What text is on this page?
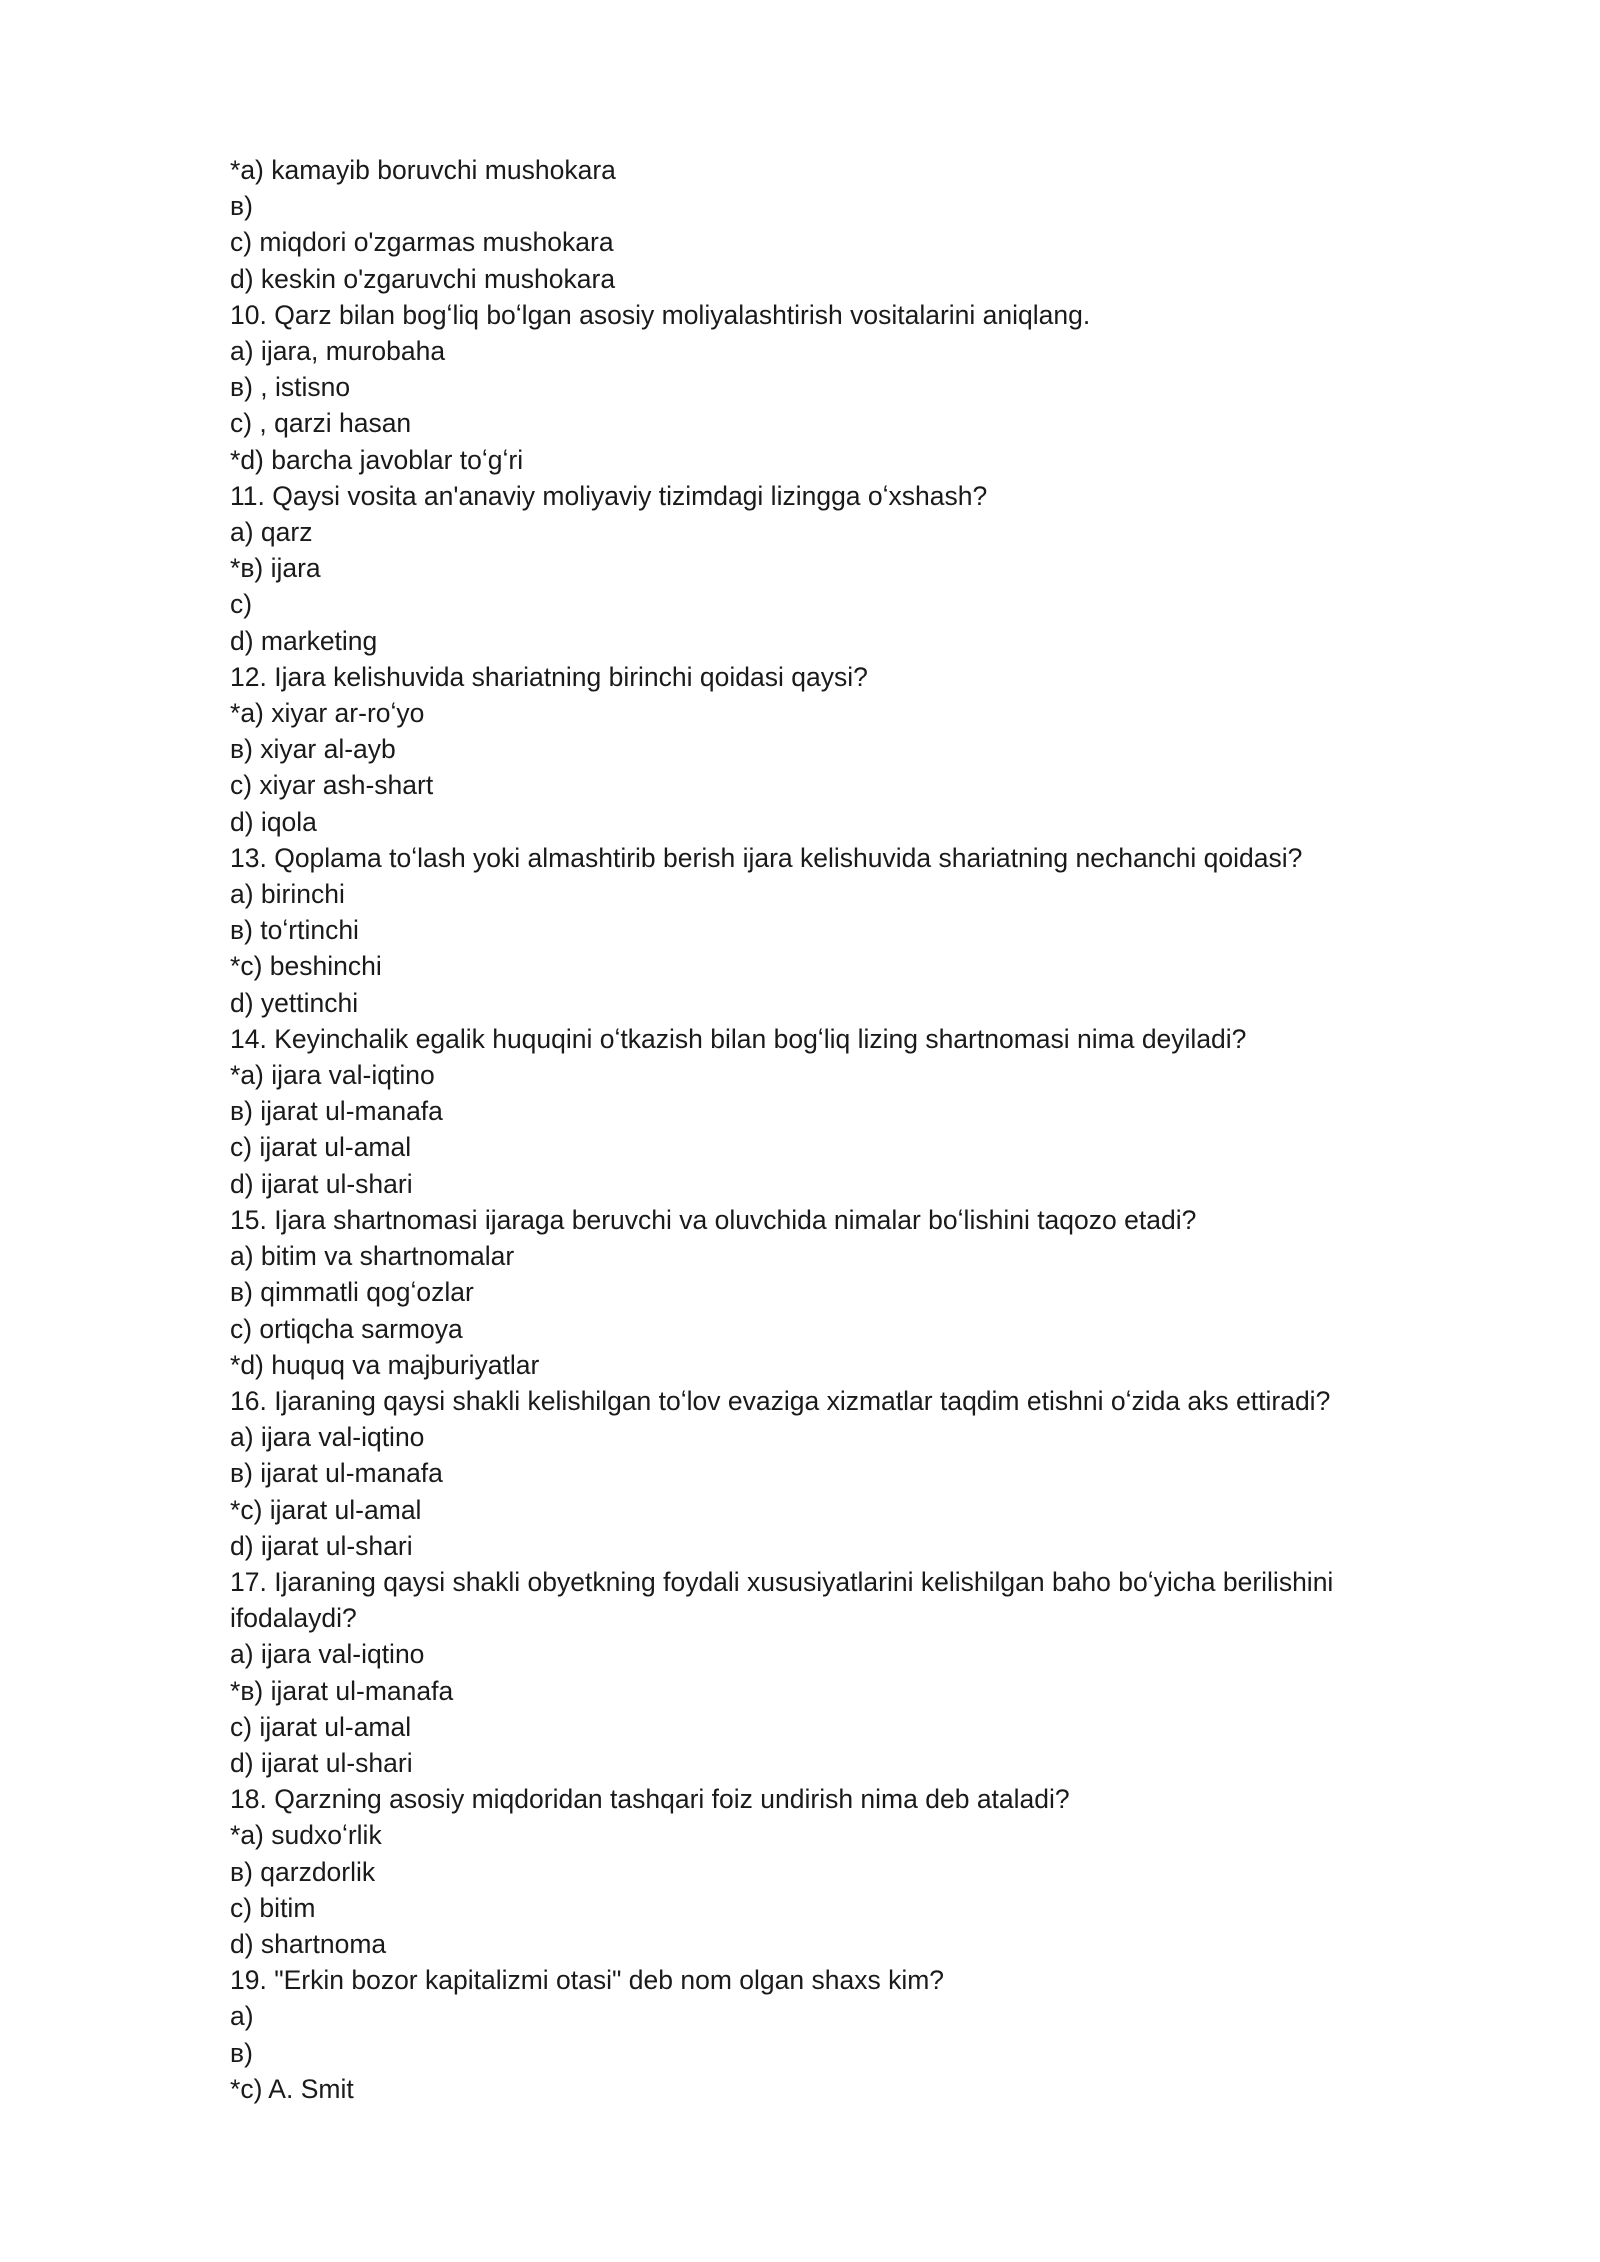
*a) kamayib boruvchi mushokara

в)

c) miqdori o'zgarmas mushokara

d) keskin o'zgaruvchi mushokara

10. Qarz bilan bogʻliq boʻlgan asosiy moliyalashtirish vositalarini aniqlang.

a) ijara, murobaha

в) , istisno

c) , qarzi hasan

*d) barcha javoblar toʻgʻri

11. Qaysi vosita an'anaviy moliyaviy tizimdagi lizingga oʻxshash?

a) qarz

*в) ijara

c)

d) marketing

12. Ijara kelishuvida shariatning birinchi qoidasi qaysi?

*a) xiyar ar-roʻyo

в) xiyar al-ayb

c) xiyar ash-shart

d) iqola

13. Qoplama toʻlash yoki almashtirib berish ijara kelishuvida shariatning nechanchi qoidasi?

a) birinchi

в) toʻrtinchi

*c) beshinchi

d) yettinchi

14. Keyinchalik egalik huquqini oʻtkazish bilan bogʻliq lizing shartnomasi nima deyiladi?

*a) ijara val-iqtino

в) ijarat ul-manafa

c) ijarat ul-amal

d) ijarat ul-shari

15. Ijara shartnomasi ijaraga beruvchi va oluvchida nimalar boʻlishini taqozo etadi?

a) bitim va shartnomalar

в) qimmatli qogʻozlar

c) ortiqcha sarmoya

*d) huquq va majburiyatlar

16. Ijaraning qaysi shakli kelishilgan toʻlov evaziga xizmatlar taqdim etishni oʻzida aks ettiradi?

a) ijara val-iqtino

в) ijarat ul-manafa

*c) ijarat ul-amal

d) ijarat ul-shari

17. Ijaraning qaysi shakli obyetkning foydali xususiyatlarini kelishilgan baho boʻyicha berilishini

ifodalaydi?

a) ijara val-iqtino

*в) ijarat ul-manafa

c) ijarat ul-amal

d) ijarat ul-shari

18. Qarzning asosiy miqdoridan tashqari foiz undirish nima deb ataladi?

*a) sudxoʻrlik

в) qarzdorlik

c) bitim

d) shartnoma

19. "Erkin bozor kapitalizmi otasi" deb nom olgan shaxs kim?

a)

в)

*c) A. Smit
